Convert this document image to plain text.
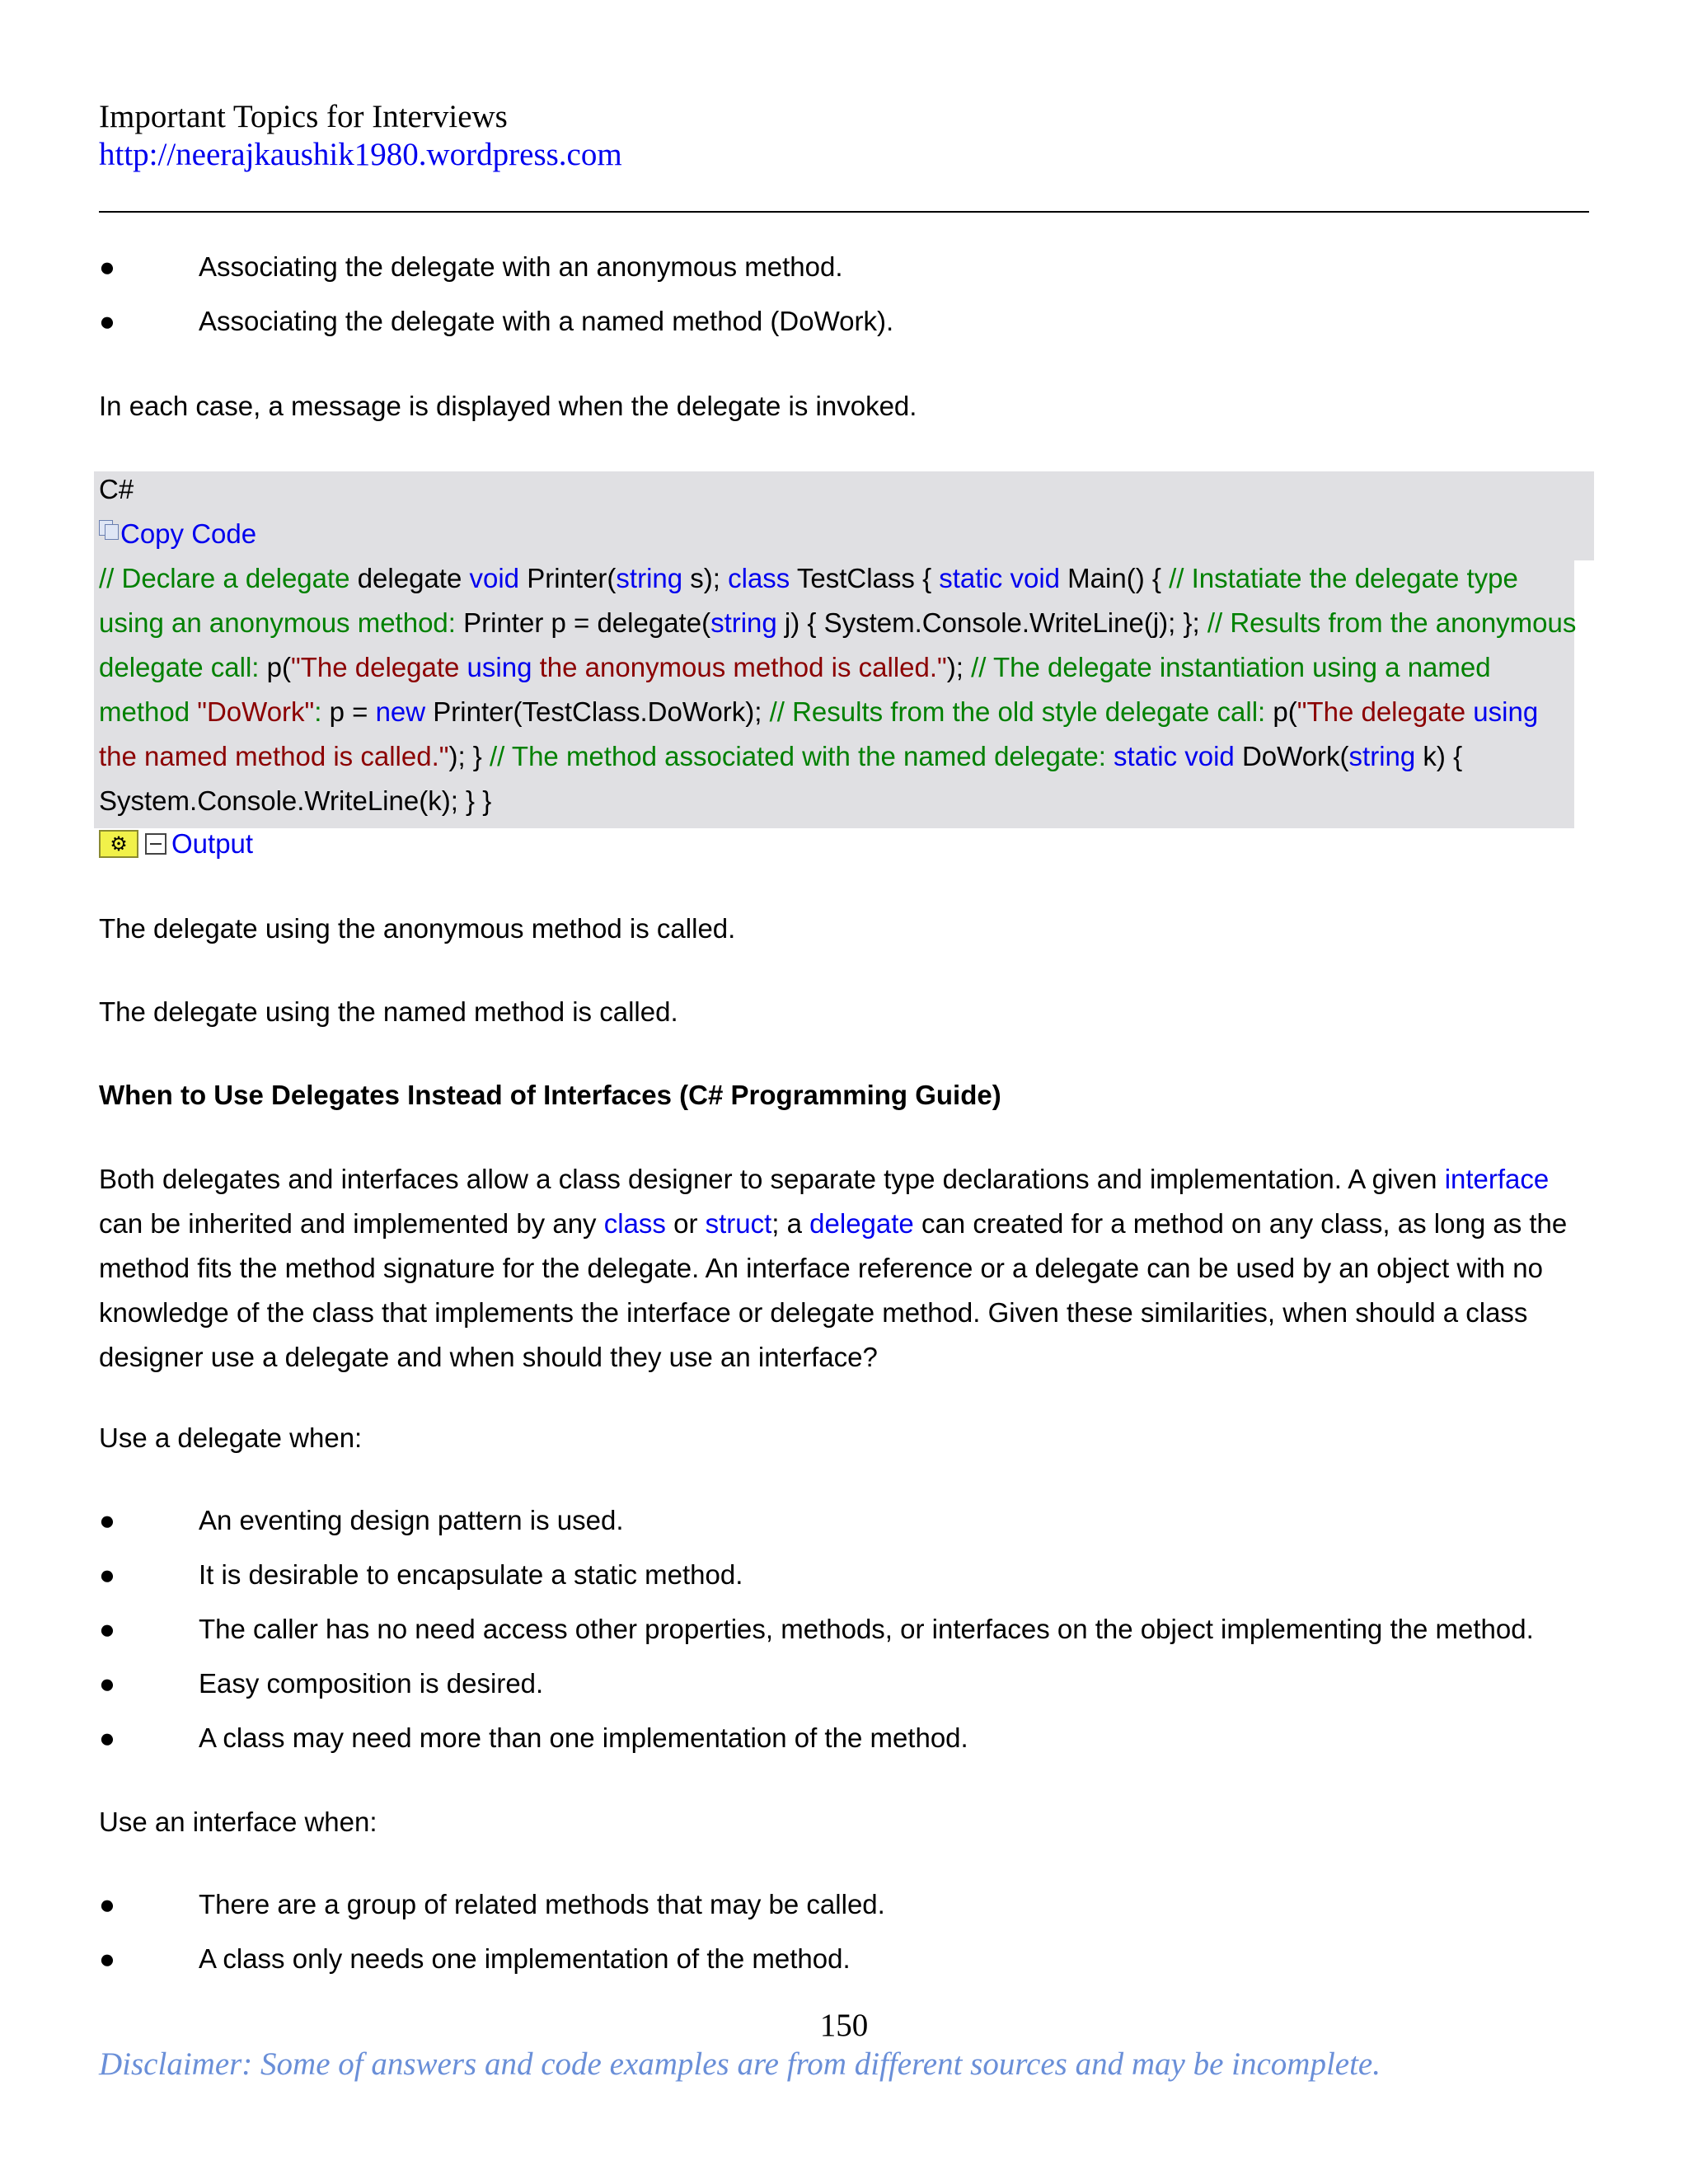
Important Topics for Interviews
http://neerajkaushik1980.wordpress.com
●	Associating the delegate with an anonymous method.
●	Associating the delegate with a named method (DoWork).

In each case, a message is displayed when the delegate is invoked.

C#
Copy Code

// Declare a delegate delegate void Printer(string s); class TestClass { static void Main() { // Instatiate the delegate type using an anonymous method: Printer p = delegate(string j) { System.Console.WriteLine(j); }; // Results from the anonymous delegate call: p("The delegate using the anonymous method is called."); // The delegate instantiation using a named method "DoWork": p = new Printer(TestClass.DoWork); // Results from the old style delegate call: p("The delegate using the named method is called."); } // The method associated with the named delegate: static void DoWork(string k) { System.Console.WriteLine(k); } }

⚙	Output

The delegate using the anonymous method is called.

The delegate using the named method is called.

When to Use Delegates Instead of Interfaces (C# Programming Guide)

Both delegates and interfaces allow a class designer to separate type declarations and implementation. A given interface can be inherited and implemented by any class or struct; a delegate can created for a method on any class, as long as the method fits the method signature for the delegate. An interface reference or a delegate can be used by an object with no knowledge of the class that implements the interface or delegate method. Given these similarities, when should a class designer use a delegate and when should they use an interface?

Use a delegate when:

●	An eventing design pattern is used.
●	It is desirable to encapsulate a static method.
●	The caller has no need access other properties, methods, or interfaces on the object implementing the method.
●	Easy composition is desired.
●	A class may need more than one implementation of the method.

Use an interface when:

●	There are a group of related methods that may be called.
●	A class only needs one implementation of the method.
150
Disclaimer: Some of answers and code examples are from different sources and may be incomplete.
